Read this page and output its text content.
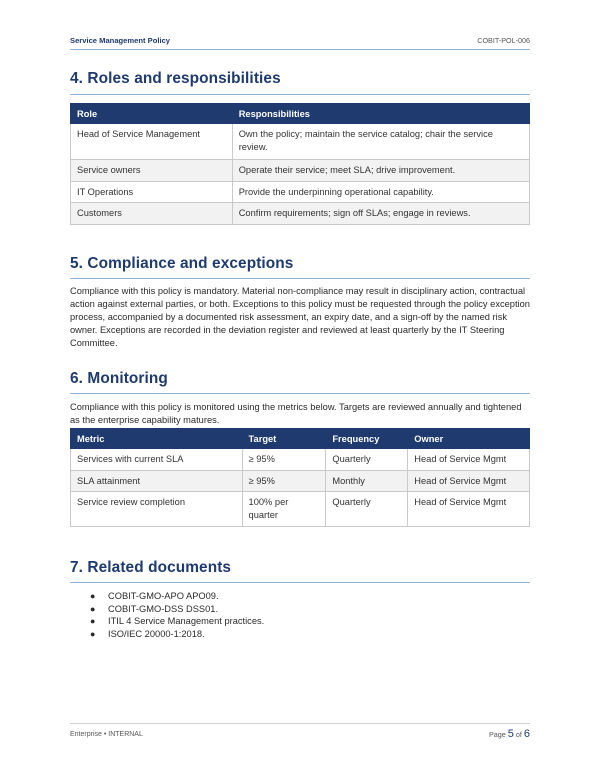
Service Management Policy	COBIT-POL-006
4. Roles and responsibilities
Role	Responsibilities
Head of Service Management	Own the policy; maintain the service catalog; chair the service review.
Service owners	Operate their service; meet SLA; drive improvement.
IT Operations	Provide the underpinning operational capability.
Customers	Confirm requirements; sign off SLAs; engage in reviews.
5. Compliance and exceptions

Compliance with this policy is mandatory. Material non-compliance may result in disciplinary action, contractual action against external parties, or both. Exceptions to this policy must be requested through the policy exception process, accompanied by a documented risk assessment, an expiry date, and a sign-off by the named risk owner. Exceptions are recorded in the deviation register and reviewed at least quarterly by the IT Steering Committee.

6. Monitoring

Compliance with this policy is monitored using the metrics below. Targets are reviewed annually and tightened as the enterprise capability matures.

Metric	Target	Frequency	Owner
Services with current SLA	≥ 95%	Quarterly	Head of Service Mgmt
SLA attainment	≥ 95%	Monthly	Head of Service Mgmt
Service review completion	100% per quarter	Quarterly	Head of Service Mgmt
7. Related documents
● COBIT-GMO-APO APO09.
● COBIT-GMO-DSS DSS01.
● ITIL 4 Service Management practices.
● ISO/IEC 20000-1:2018.
Enterprise • INTERNAL	Page 5 of 6
